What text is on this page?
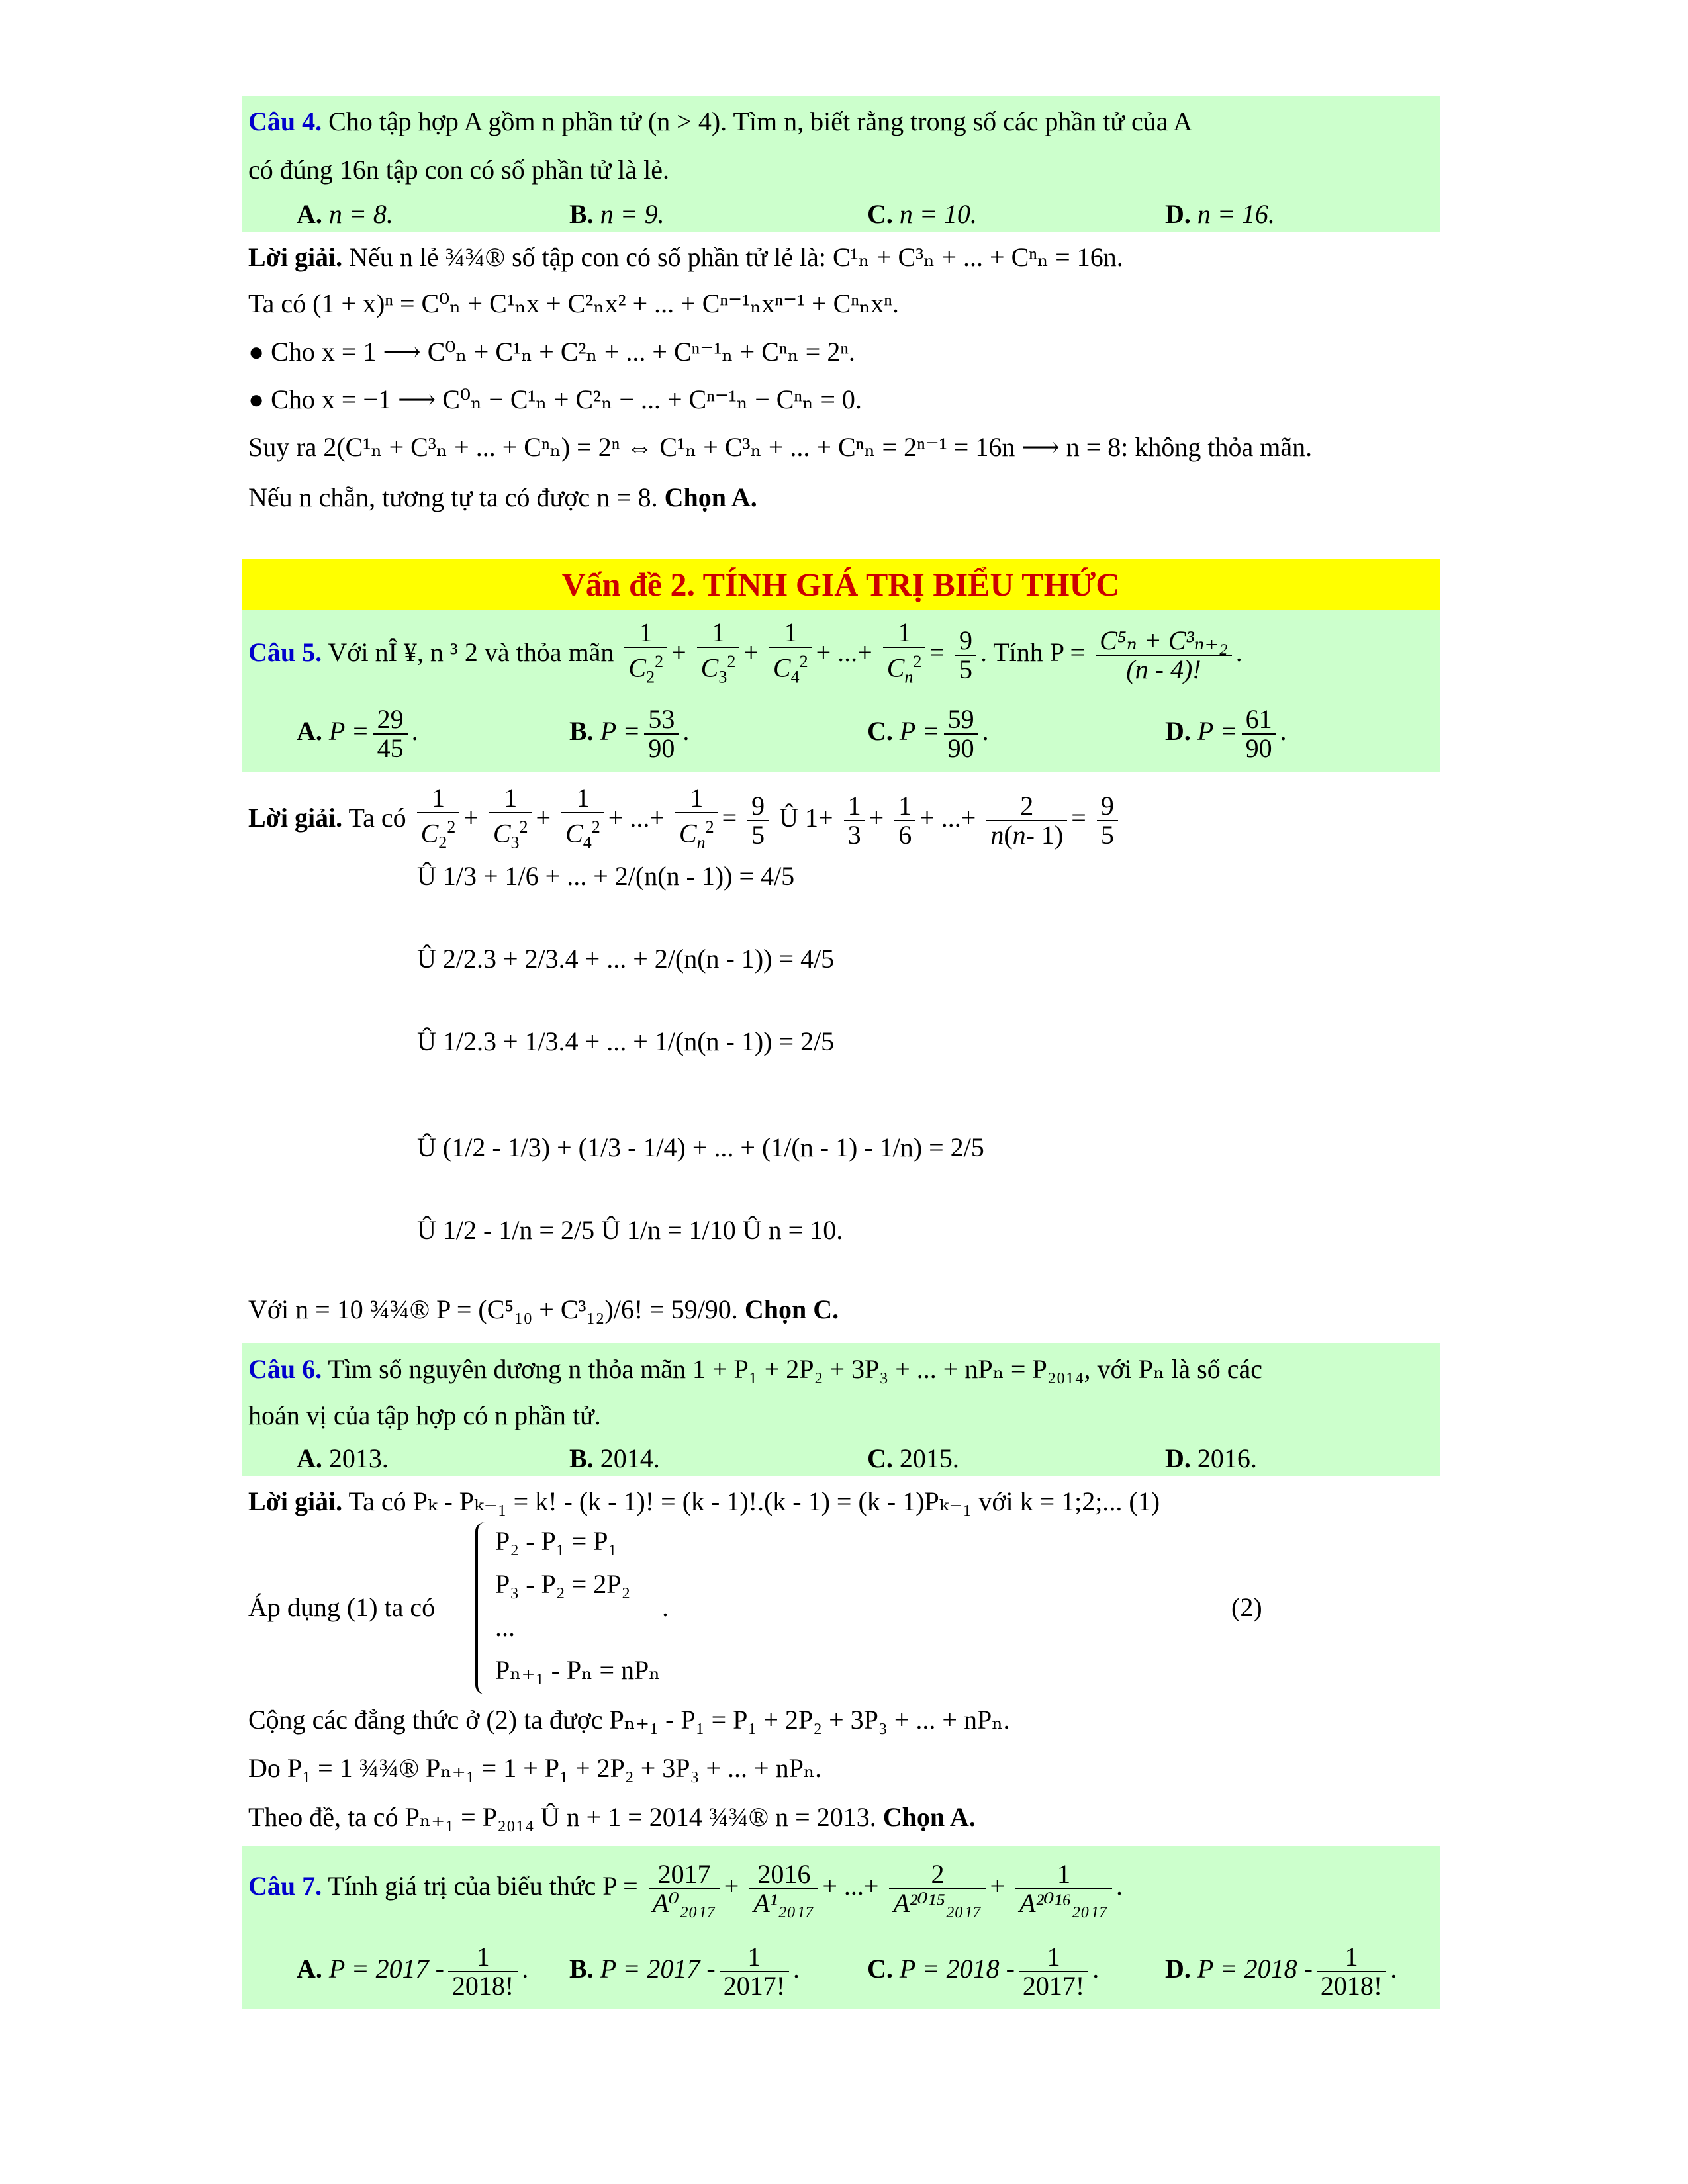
Câu 4. Cho tập hợp A gồm n phần tử (n > 4). Tìm n, biết rằng trong số các phần tử của A
có đúng 16n tập con có số phần tử là lẻ.
A. n = 8.	B. n = 9.	C. n = 10.	D. n = 16.
Lời giải. Nếu n lẻ ¾¾® số tập con có số phần tử lẻ là: C¹ₙ + C³ₙ + ... + Cⁿₙ = 16n.
Ta có (1 + x)ⁿ = C⁰ₙ + C¹ₙx + C²ₙx² + ... + Cⁿ⁻¹ₙxⁿ⁻¹ + Cⁿₙxⁿ.
● Cho x = 1 ⟶ C⁰ₙ + C¹ₙ + C²ₙ + ... + Cⁿ⁻¹ₙ + Cⁿₙ = 2ⁿ.
● Cho x = −1 ⟶ C⁰ₙ − C¹ₙ + C²ₙ − ... + Cⁿ⁻¹ₙ − Cⁿₙ = 0.
Suy ra 2(C¹ₙ + C³ₙ + ... + Cⁿₙ) = 2ⁿ ⇔ C¹ₙ + C³ₙ + ... + Cⁿₙ = 2ⁿ⁻¹ = 16n ⟶ n = 8: không thỏa mãn.
Nếu n chẵn, tương tự ta có được n = 8. Chọn A.
Vấn đề 2. TÍNH GIÁ TRỊ BIỂU THỨC
Câu 5. Với nÎ ¥, n ³ 2 và thỏa mãn $\frac{1}{C_2^2} + \frac{1}{C_3^2} + \frac{1}{C_4^2}$ + ...+ $\frac{1}{C_n^2} = \frac{9}{5}$ . Tính $P = \frac{\text{C⁵ₙ + C³ₙ₊₂}}{(n - 4)!}$ .
A. $P = \frac{29}{45}$ .	B. $P = \frac{53}{90}$ .	C. $P = \frac{59}{90}$ .	D. $P = \frac{61}{90}$ .
Lời giải. Ta có $\frac{1}{C_2^2} + \frac{1}{C_3^2} + \frac{1}{C_4^2}$ + ...+ $\frac{1}{C_n^2} = \frac{9}{5}$ Û $1+ \frac{1}{3} + \frac{1}{6}$ + ...+ $\frac{2}{n(n- 1)} = \frac{9}{5}$
Û 1/3 + 1/6 + ... + 2/(n(n - 1)) = 4/5
Û 2/2.3 + 2/3.4 + ... + 2/(n(n - 1)) = 4/5
Û 1/2.3 + 1/3.4 + ... + 1/(n(n - 1)) = 2/5
Û (1/2 - 1/3) + (1/3 - 1/4) + ... + (1/(n - 1) - 1/n) = 2/5
Û 1/2 - 1/n = 2/5 Û 1/n = 1/10 Û n = 10.
Với n = 10 ¾¾® P = (C⁵₁₀ + C³₁₂)/6! = 59/90. Chọn C.
Câu 6. Tìm số nguyên dương n thỏa mãn 1 + P₁ + 2P₂ + 3P₃ + ... + nPₙ = P₂₀₁₄, với Pₙ là số các
hoán vị của tập hợp có n phần tử.
A. 2013.	B. 2014.	C. 2015.	D. 2016.
Lời giải. Ta có Pₖ - Pₖ₋₁ = k! - (k - 1)! = (k - 1)!.(k - 1) = (k - 1)Pₖ₋₁ với k = 1;2;... (1)
Áp dụng (1) ta có
P₂ - P₁ = P₁
P₃ - P₂ = 2P₂
...
Pₙ₊₁ - Pₙ = nPₙ
.	(2)
Cộng các đẳng thức ở (2) ta được Pₙ₊₁ - P₁ = P₁ + 2P₂ + 3P₃ + ... + nPₙ.
Do P₁ = 1 ¾¾® Pₙ₊₁ = 1 + P₁ + 2P₂ + 3P₃ + ... + nPₙ.
Theo đề, ta có Pₙ₊₁ = P₂₀₁₄ Û n + 1 = 2014 ¾¾® n = 2013. Chọn A.
Câu 7. Tính giá trị của biểu thức $P = \frac{2017}{\text{A⁰₂₀₁₇}} + \frac{2016}{\text{A¹₂₀₁₇}}$ + ...+ $\frac{2}{\text{A²⁰¹⁵₂₀₁₇}} + \frac{1}{\text{A²⁰¹⁶₂₀₁₇}}$ .
A. $P = 2017 - \frac{1}{2018!}$ . B. $P = 2017 - \frac{1}{2017!}$ .	C. $P = 2018 - \frac{1}{2017!}$ . D. $P = 2018 - \frac{1}{2018!}$ .
